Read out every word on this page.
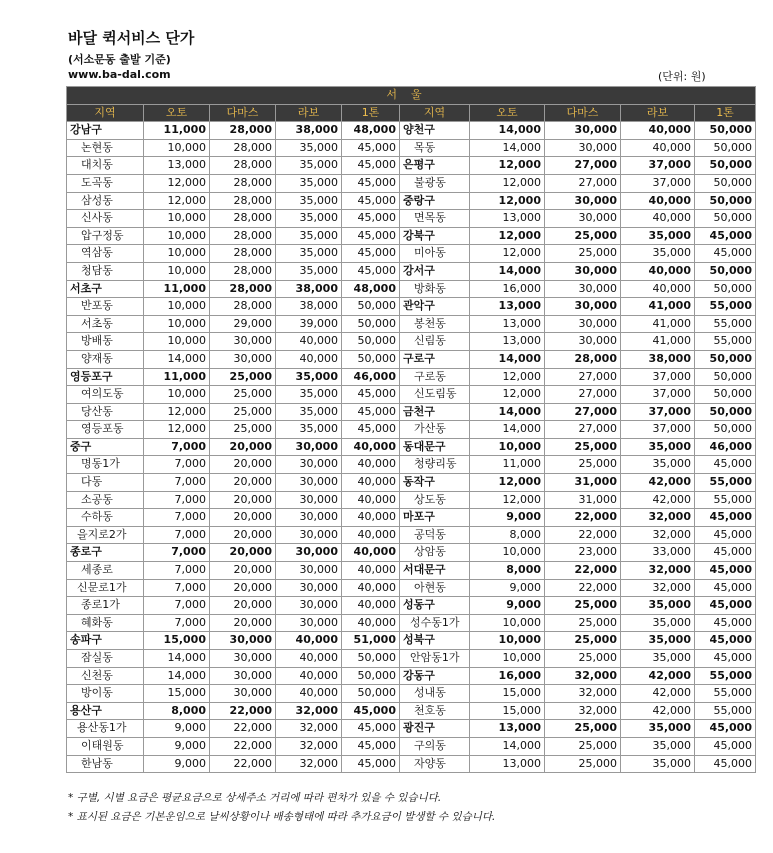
바달 퀵서비스 단가
(서소문동 출발 기준)
www.ba-dal.com	(단위: 원)
서울									
지역	오토	다마스	라보	1톤	지역	오토	다마스	라보	1톤
강남구	11,000	28,000	38,000	48,000	양천구	14,000	30,000	40,000	50,000
논현동	10,000	28,000	35,000	45,000	목동	14,000	30,000	40,000	50,000
대치동	13,000	28,000	35,000	45,000	은평구	12,000	27,000	37,000	50,000
도곡동	12,000	28,000	35,000	45,000	불광동	12,000	27,000	37,000	50,000
삼성동	12,000	28,000	35,000	45,000	중랑구	12,000	30,000	40,000	50,000
신사동	10,000	28,000	35,000	45,000	면목동	13,000	30,000	40,000	50,000
압구정동	10,000	28,000	35,000	45,000	강북구	12,000	25,000	35,000	45,000
역삼동	10,000	28,000	35,000	45,000	미아동	12,000	25,000	35,000	45,000
청담동	10,000	28,000	35,000	45,000	강서구	14,000	30,000	40,000	50,000
서초구	11,000	28,000	38,000	48,000	방화동	16,000	30,000	40,000	50,000
반포동	10,000	28,000	38,000	50,000	관악구	13,000	30,000	41,000	55,000
서초동	10,000	29,000	39,000	50,000	봉천동	13,000	30,000	41,000	55,000
방배동	10,000	30,000	40,000	50,000	신림동	13,000	30,000	41,000	55,000
양재동	14,000	30,000	40,000	50,000	구로구	14,000	28,000	38,000	50,000
영등포구	11,000	25,000	35,000	46,000	구로동	12,000	27,000	37,000	50,000
여의도동	10,000	25,000	35,000	45,000	신도림동	12,000	27,000	37,000	50,000
당산동	12,000	25,000	35,000	45,000	금천구	14,000	27,000	37,000	50,000
영등포동	12,000	25,000	35,000	45,000	가산동	14,000	27,000	37,000	50,000
중구	7,000	20,000	30,000	40,000	동대문구	10,000	25,000	35,000	46,000
명동1가	7,000	20,000	30,000	40,000	청량리동	11,000	25,000	35,000	45,000
다동	7,000	20,000	30,000	40,000	동작구	12,000	31,000	42,000	55,000
소공동	7,000	20,000	30,000	40,000	상도동	12,000	31,000	42,000	55,000
수하동	7,000	20,000	30,000	40,000	마포구	9,000	22,000	32,000	45,000
을지로2가	7,000	20,000	30,000	40,000	공덕동	8,000	22,000	32,000	45,000
종로구	7,000	20,000	30,000	40,000	상암동	10,000	23,000	33,000	45,000
세종로	7,000	20,000	30,000	40,000	서대문구	8,000	22,000	32,000	45,000
신문로1가	7,000	20,000	30,000	40,000	아현동	9,000	22,000	32,000	45,000
종로1가	7,000	20,000	30,000	40,000	성동구	9,000	25,000	35,000	45,000
혜화동	7,000	20,000	30,000	40,000	성수동1가	10,000	25,000	35,000	45,000
송파구	15,000	30,000	40,000	51,000	성북구	10,000	25,000	35,000	45,000
잠실동	14,000	30,000	40,000	50,000	안암동1가	10,000	25,000	35,000	45,000
신천동	14,000	30,000	40,000	50,000	강동구	16,000	32,000	42,000	55,000
방이동	15,000	30,000	40,000	50,000	성내동	15,000	32,000	42,000	55,000
용산구	8,000	22,000	32,000	45,000	천호동	15,000	32,000	42,000	55,000
용산동1가	9,000	22,000	32,000	45,000	광진구	13,000	25,000	35,000	45,000
이태원동	9,000	22,000	32,000	45,000	구의동	14,000	25,000	35,000	45,000
한남동	9,000	22,000	32,000	45,000	자양동	13,000	25,000	35,000	45,000
* 구별, 시별 요금은 평균요금으로 상세주소 거리에 따라 편차가 있을 수 있습니다.
* 표시된 요금은 기본운임으로 날씨상황이나 배송형태에 따라 추가요금이 발생할 수 있습니다.
